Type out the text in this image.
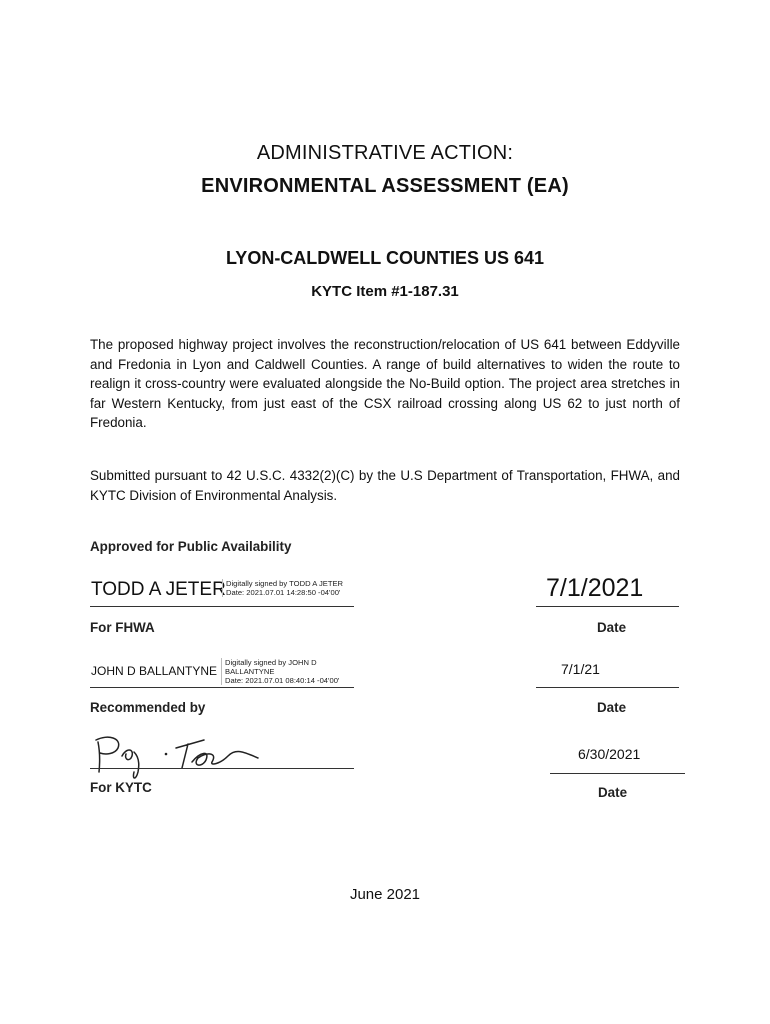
ADMINISTRATIVE ACTION:
ENVIRONMENTAL ASSESSMENT (EA)
LYON-CALDWELL COUNTIES US 641
KYTC Item #1-187.31
The proposed highway project involves the reconstruction/relocation of US 641 between Eddyville and Fredonia in Lyon and Caldwell Counties. A range of build alternatives to widen the route to realign it cross-country were evaluated alongside the No-Build option. The project area stretches in far Western Kentucky, from just east of the CSX railroad crossing along US 62 to just north of Fredonia.
Submitted pursuant to 42 U.S.C. 4332(2)(C) by the U.S Department of Transportation, FHWA, and KYTC Division of Environmental Analysis.
Approved for Public Availability
TODD A JETER Digitally signed by TODD A JETER
Date: 2021.07.01 14:28:50 -04'00'
For FHWA
7/1/2021
Date
JOHN D BALLANTYNE
Digitally signed by JOHN D
BALLANTYNE
Date: 2021.07.01 08:40:14 -04'00'
Recommended by
7/1/21
Date
For KYTC
6/30/2021
Date
June 2021
